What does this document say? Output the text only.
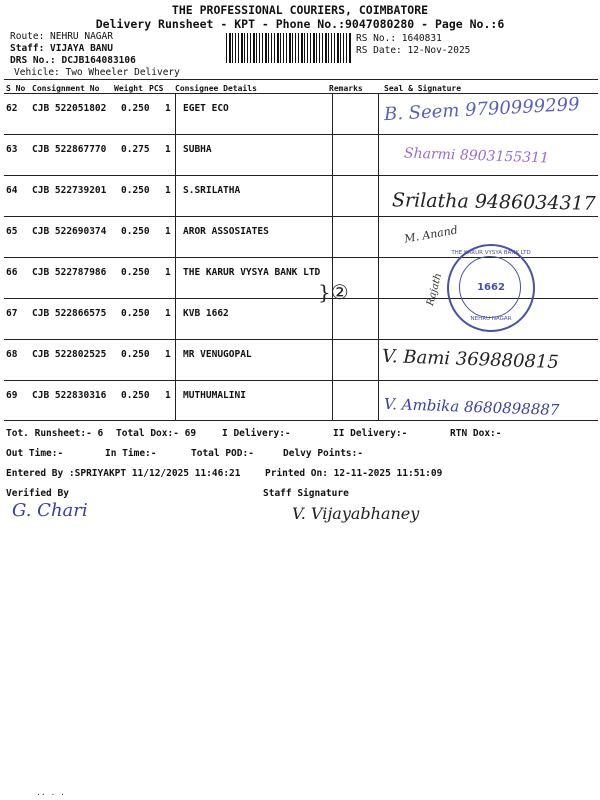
THE PROFESSIONAL COURIERS, COIMBATORE
Delivery Runsheet - KPT - Phone No.:9047080280 - Page No.:6
Route: NEHRU NAGAR
Staff: VIJAYA BANU
DRS No.: DCJB164083106
Vehicle: Two Wheeler Delivery
RS No.: 1640831
RS Date: 12-Nov-2025
S No Consignment No Weight PCS Consignee Details	Remarks	Seal & Signature
62 CJB 522051802 0.250 1 EGET ECO	B. Seem 9790999299
63 CJB 522867770 0.275 1 SUBHA	Sharmi 8903155311
64 CJB 522739201 0.250 1 S.SRILATHA	Srilatha 9486034317
65 CJB 522690374 0.250 1 AROR ASSOSIATES	M. Anand
66 CJB 522787986 0.250 1 THE KARUR VYSYA BANK LTD
67 CJB 522866575 0.250 1 KVB 1662
Rajath
68 CJB 522802525 0.250 1 MR VENUGOPAL	V. Bami 369880815
69 CJB 522830316 0.250 1 MUTHUMALINI	V. Ambika 8680898887
}②
THE KARUR VYSYA BANK LTD
1662
NEHRU NAGAR
Tot. Runsheet:- 6 Total Dox:- 69	I Delivery:-	II Delivery:-	RTN Dox:-
Out Time:-	In Time:-	Total POD:-	Delvy Points:-
Entered By :SPRIYAKPT 11/12/2025 11:46:21	Printed On: 12-11-2025 11:51:09
Verified By	Staff Signature
G. Chari	V. Vijayabhaney
·· · ·
